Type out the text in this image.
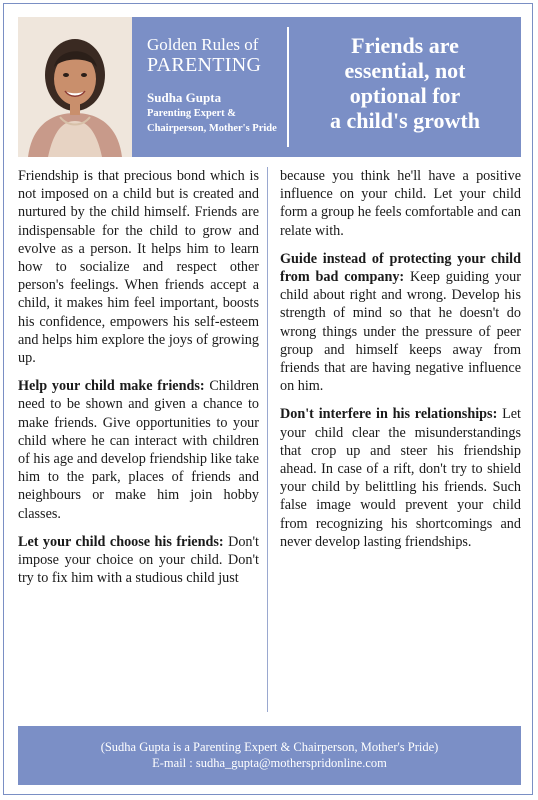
Golden Rules of
PARENTING
Sudha Gupta
Parenting Expert &
Chairperson, Mother's Pride
Friends are
essential, not
optional for
a child's growth

Friendship is that precious bond which is not imposed on a child but is created and nurtured by the child himself. Friends are indispensable for the child to grow and evolve as a person. It helps him to learn how to socialize and respect other person's feelings. When friends accept a child, it makes him feel important, boosts his confidence, empowers his self-esteem and helps him explore the joys of growing up.

Help your child make friends: Children need to be shown and given a chance to make friends. Give opportunities to your child where he can interact with children of his age and develop friendship like take him to the park, places of friends and neighbours or make him join hobby classes.

Let your child choose his friends: Don't impose your choice on your child. Don't try to fix him with a studious child just

because you think he'll have a positive influence on your child. Let your child form a group he feels comfortable and can relate with.

Guide instead of protecting your child from bad company: Keep guiding your child about right and wrong. Develop his strength of mind so that he doesn't do wrong things under the pressure of peer group and himself keeps away from friends that are having negative influence on him.

Don't interfere in his relationships: Let your child clear the misunderstandings that crop up and steer his friendship ahead. In case of a rift, don't try to shield your child by belittling his friends. Such false image would prevent your child from recognizing his shortcomings and never develop lasting friendships.

(Sudha Gupta is a Parenting Expert & Chairperson, Mother's Pride)
E-mail : sudha_gupta@motherspridonline.com
